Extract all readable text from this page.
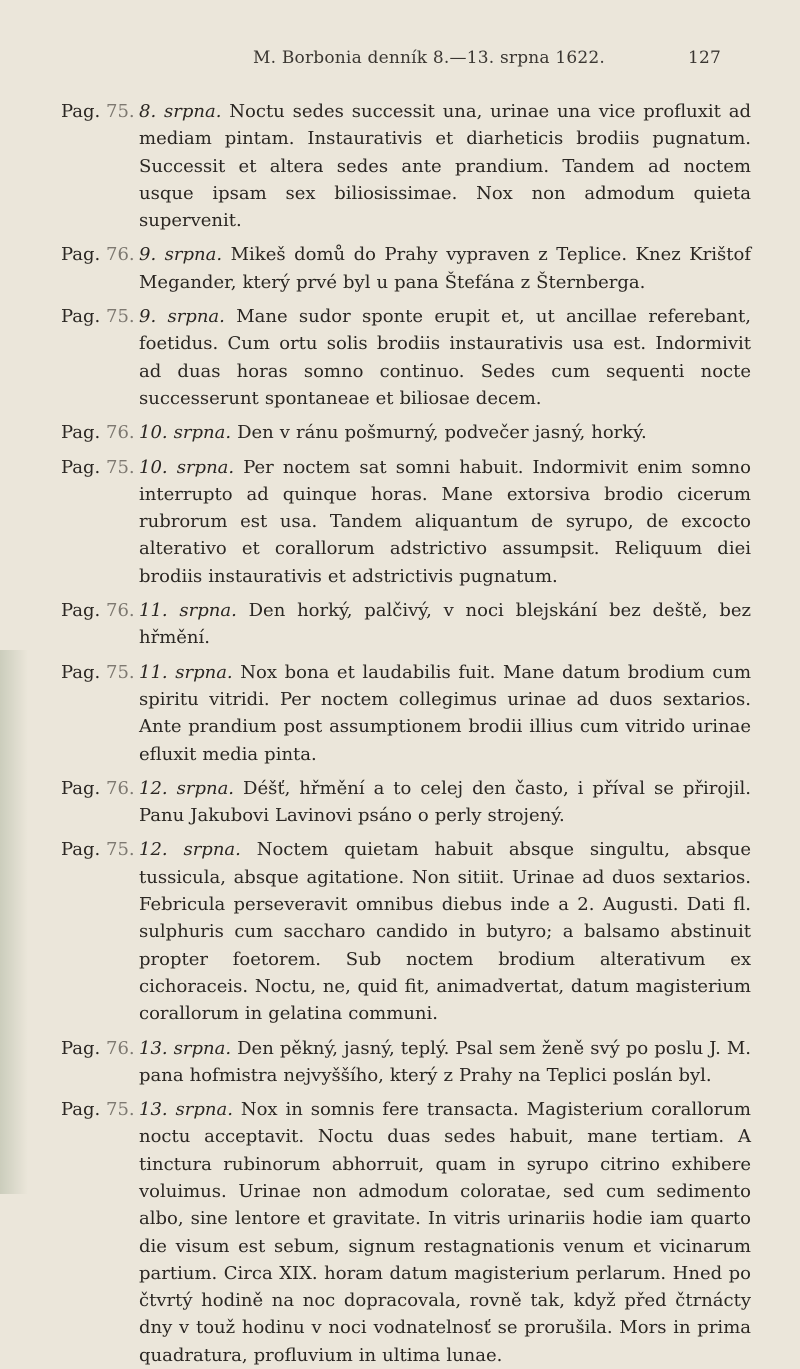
M. Borbonia denník 8.—13. srpna 1622.	127
Pag. 75. 8. srpna. Noctu sedes successit una, urinae una vice profluxit ad mediam pintam. Instaurativis et diarheticis brodiis pugnatum. Successit et altera sedes ante prandium. Tandem ad noctem usque ipsam sex biliosissimae. Nox non admodum quieta supervenit.
Pag. 76. 9. srpna. Mikeš domů do Prahy vypraven z Teplice. Knez Krištof Megander, který prvé byl u pana Štefána z Šternberga.
Pag. 75. 9. srpna. Mane sudor sponte erupit et, ut ancillae referebant, foetidus. Cum ortu solis brodiis instaurativis usa est. Indormivit ad duas horas somno continuo. Sedes cum sequenti nocte successerunt spontaneae et biliosae decem.
Pag. 76. 10. srpna. Den v ránu pošmurný, podvečer jasný, horký.
Pag. 75. 10. srpna. Per noctem sat somni habuit. Indormivit enim somno interrupto ad quinque horas. Mane extorsiva brodio cicerum rubrorum est usa. Tandem aliquantum de syrupo, de excocto alterativo et corallorum adstrictivo assumpsit. Reliquum diei brodiis instaurativis et adstrictivis pugnatum.
Pag. 76. 11. srpna. Den horký, palčivý, v noci blejskání bez deště, bez hřmění.
Pag. 75. 11. srpna. Nox bona et laudabilis fuit. Mane datum brodium cum spiritu vitridi. Per noctem collegimus urinae ad duos sextarios. Ante prandium post assumptionem brodii illius cum vitrido urinae efluxit media pinta.
Pag. 76. 12. srpna. Déšť, hřmění a to celej den často, i příval se přirojil. Panu Jakubovi Lavinovi psáno o perly strojený.
Pag. 75. 12. srpna. Noctem quietam habuit absque singultu, absque tussicula, absque agitatione. Non sitiit. Urinae ad duos sextarios. Febricula perseveravit omnibus diebus inde a 2. Augusti. Dati fl. sulphuris cum saccharo candido in butyro; a balsamo abstinuit propter foetorem. Sub noctem brodium alterativum ex cichoraceis. Noctu, ne, quid fit, animadvertat, datum magisterium corallorum in gelatina communi.
Pag. 76. 13. srpna. Den pěkný, jasný, teplý. Psal sem ženě svý po poslu J. M. pana hofmistra nejvyššího, který z Prahy na Teplici poslán byl.
Pag. 75. 13. srpna. Nox in somnis fere transacta. Magisterium corallorum noctu acceptavit. Noctu duas sedes habuit, mane tertiam. A tinctura rubinorum abhorruit, quam in syrupo citrino exhibere voluimus. Urinae non admodum coloratae, sed cum sedimento albo, sine lentore et gravitate. In vitris urinariis hodie iam quarto die visum est sebum, signum restagnationis venum et vicinarum partium. Circa XIX. horam datum magisterium perlarum. Hned po čtvrtý hodině na noc dopracovala, rovně tak, když před čtrnácty dny v touž hodinu v noci vodnatelnosť se prorušila. Mors in prima quadratura, profluvium in ultima lunae.
